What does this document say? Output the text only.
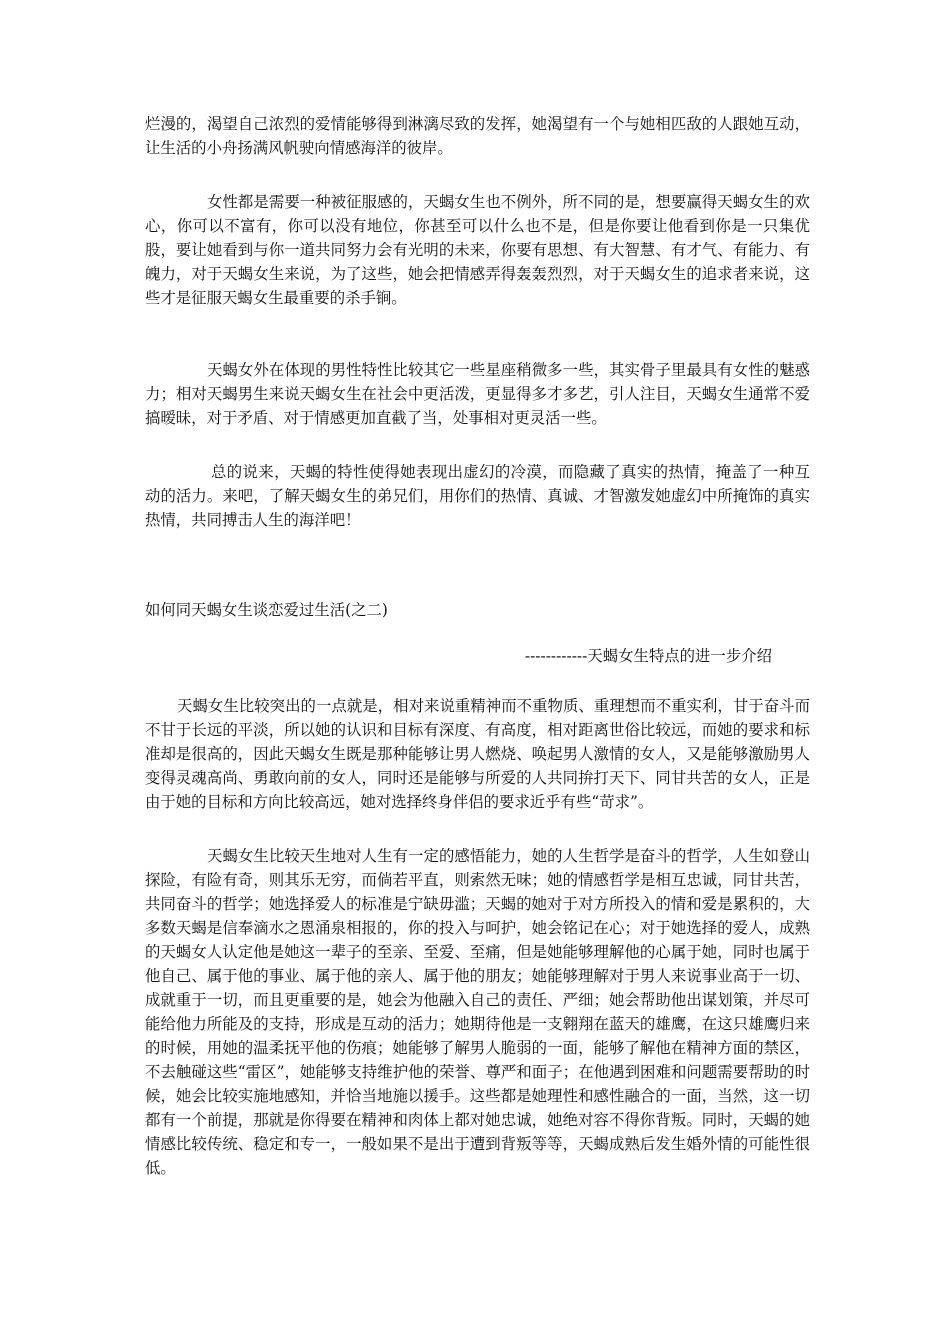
烂漫的，渴望自己浓烈的爱情能够得到淋漓尽致的发挥，她渴望有一个与她相匹敌的人跟她互动，让生活的小舟扬满风帆驶向情感海洋的彼岸。

女性都是需要一种被征服感的，天蝎女生也不例外，所不同的是，想要赢得天蝎女生的欢心，你可以不富有，你可以没有地位，你甚至可以什么也不是，但是你要让他看到你是一只集优股，要让她看到与你一道共同努力会有光明的未来，你要有思想、有大智慧、有才气、有能力、有魄力，对于天蝎女生来说，为了这些，她会把情感弄得轰轰烈烈，对于天蝎女生的追求者来说，这些才是征服天蝎女生最重要的杀手锏。

天蝎女外在体现的男性特性比较其它一些星座稍微多一些，其实骨子里最具有女性的魅惑力；相对天蝎男生来说天蝎女生在社会中更活泼，更显得多才多艺，引人注目，天蝎女生通常不爱搞暧昧，对于矛盾、对于情感更加直截了当，处事相对更灵活一些。

总的说来，天蝎的特性使得她表现出虚幻的冷漠，而隐藏了真实的热情，掩盖了一种互动的活力。来吧，了解天蝎女生的弟兄们，用你们的热情、真诚、才智激发她虚幻中所掩饰的真实热情，共同搏击人生的海洋吧！

如何同天蝎女生谈恋爱过生活(之二)

------------天蝎女生特点的进一步介绍

天蝎女生比较突出的一点就是，相对来说重精神而不重物质、重理想而不重实利，甘于奋斗而不甘于长远的平淡，所以她的认识和目标有深度、有高度，相对距离世俗比较远，而她的要求和标准却是很高的，因此天蝎女生既是那种能够让男人燃烧、唤起男人激情的女人，又是能够激励男人变得灵魂高尚、勇敢向前的女人，同时还是能够与所爱的人共同拚打天下、同甘共苦的女人，正是由于她的目标和方向比较高远，她对选择终身伴侣的要求近乎有些“苛求”。

天蝎女生比较天生地对人生有一定的感悟能力，她的人生哲学是奋斗的哲学，人生如登山探险，有险有奇，则其乐无穷，而倘若平直，则索然无味；她的情感哲学是相互忠诚，同甘共苦，共同奋斗的哲学；她选择爱人的标准是宁缺毋滥；天蝎的她对于对方所投入的情和爱是累积的，大多数天蝎是信奉滴水之恩涌泉相报的，你的投入与呵护，她会铭记在心；对于她选择的爱人，成熟的天蝎女人认定他是她这一辈子的至亲、至爱、至痛，但是她能够理解他的心属于她，同时也属于他自己、属于他的事业、属于他的亲人、属于他的朋友；她能够理解对于男人来说事业高于一切、成就重于一切，而且更重要的是，她会为他融入自己的责任、严细；她会帮助他出谋划策，并尽可能给他力所能及的支持，形成是互动的活力；她期待他是一支翱翔在蓝天的雄鹰，在这只雄鹰归来的时候，用她的温柔抚平他的伤痕；她能够了解男人脆弱的一面，能够了解他在精神方面的禁区，不去触碰这些“雷区”，她能够支持维护他的荣誉、尊严和面子；在他遇到困难和问题需要帮助的时候，她会比较实施地感知，并恰当地施以援手。这些都是她理性和感性融合的一面，当然，这一切都有一个前提，那就是你得要在精神和肉体上都对她忠诚，她绝对容不得你背叛。同时，天蝎的她情感比较传统、稳定和专一，一般如果不是出于遭到背叛等等，天蝎成熟后发生婚外情的可能性很低。
